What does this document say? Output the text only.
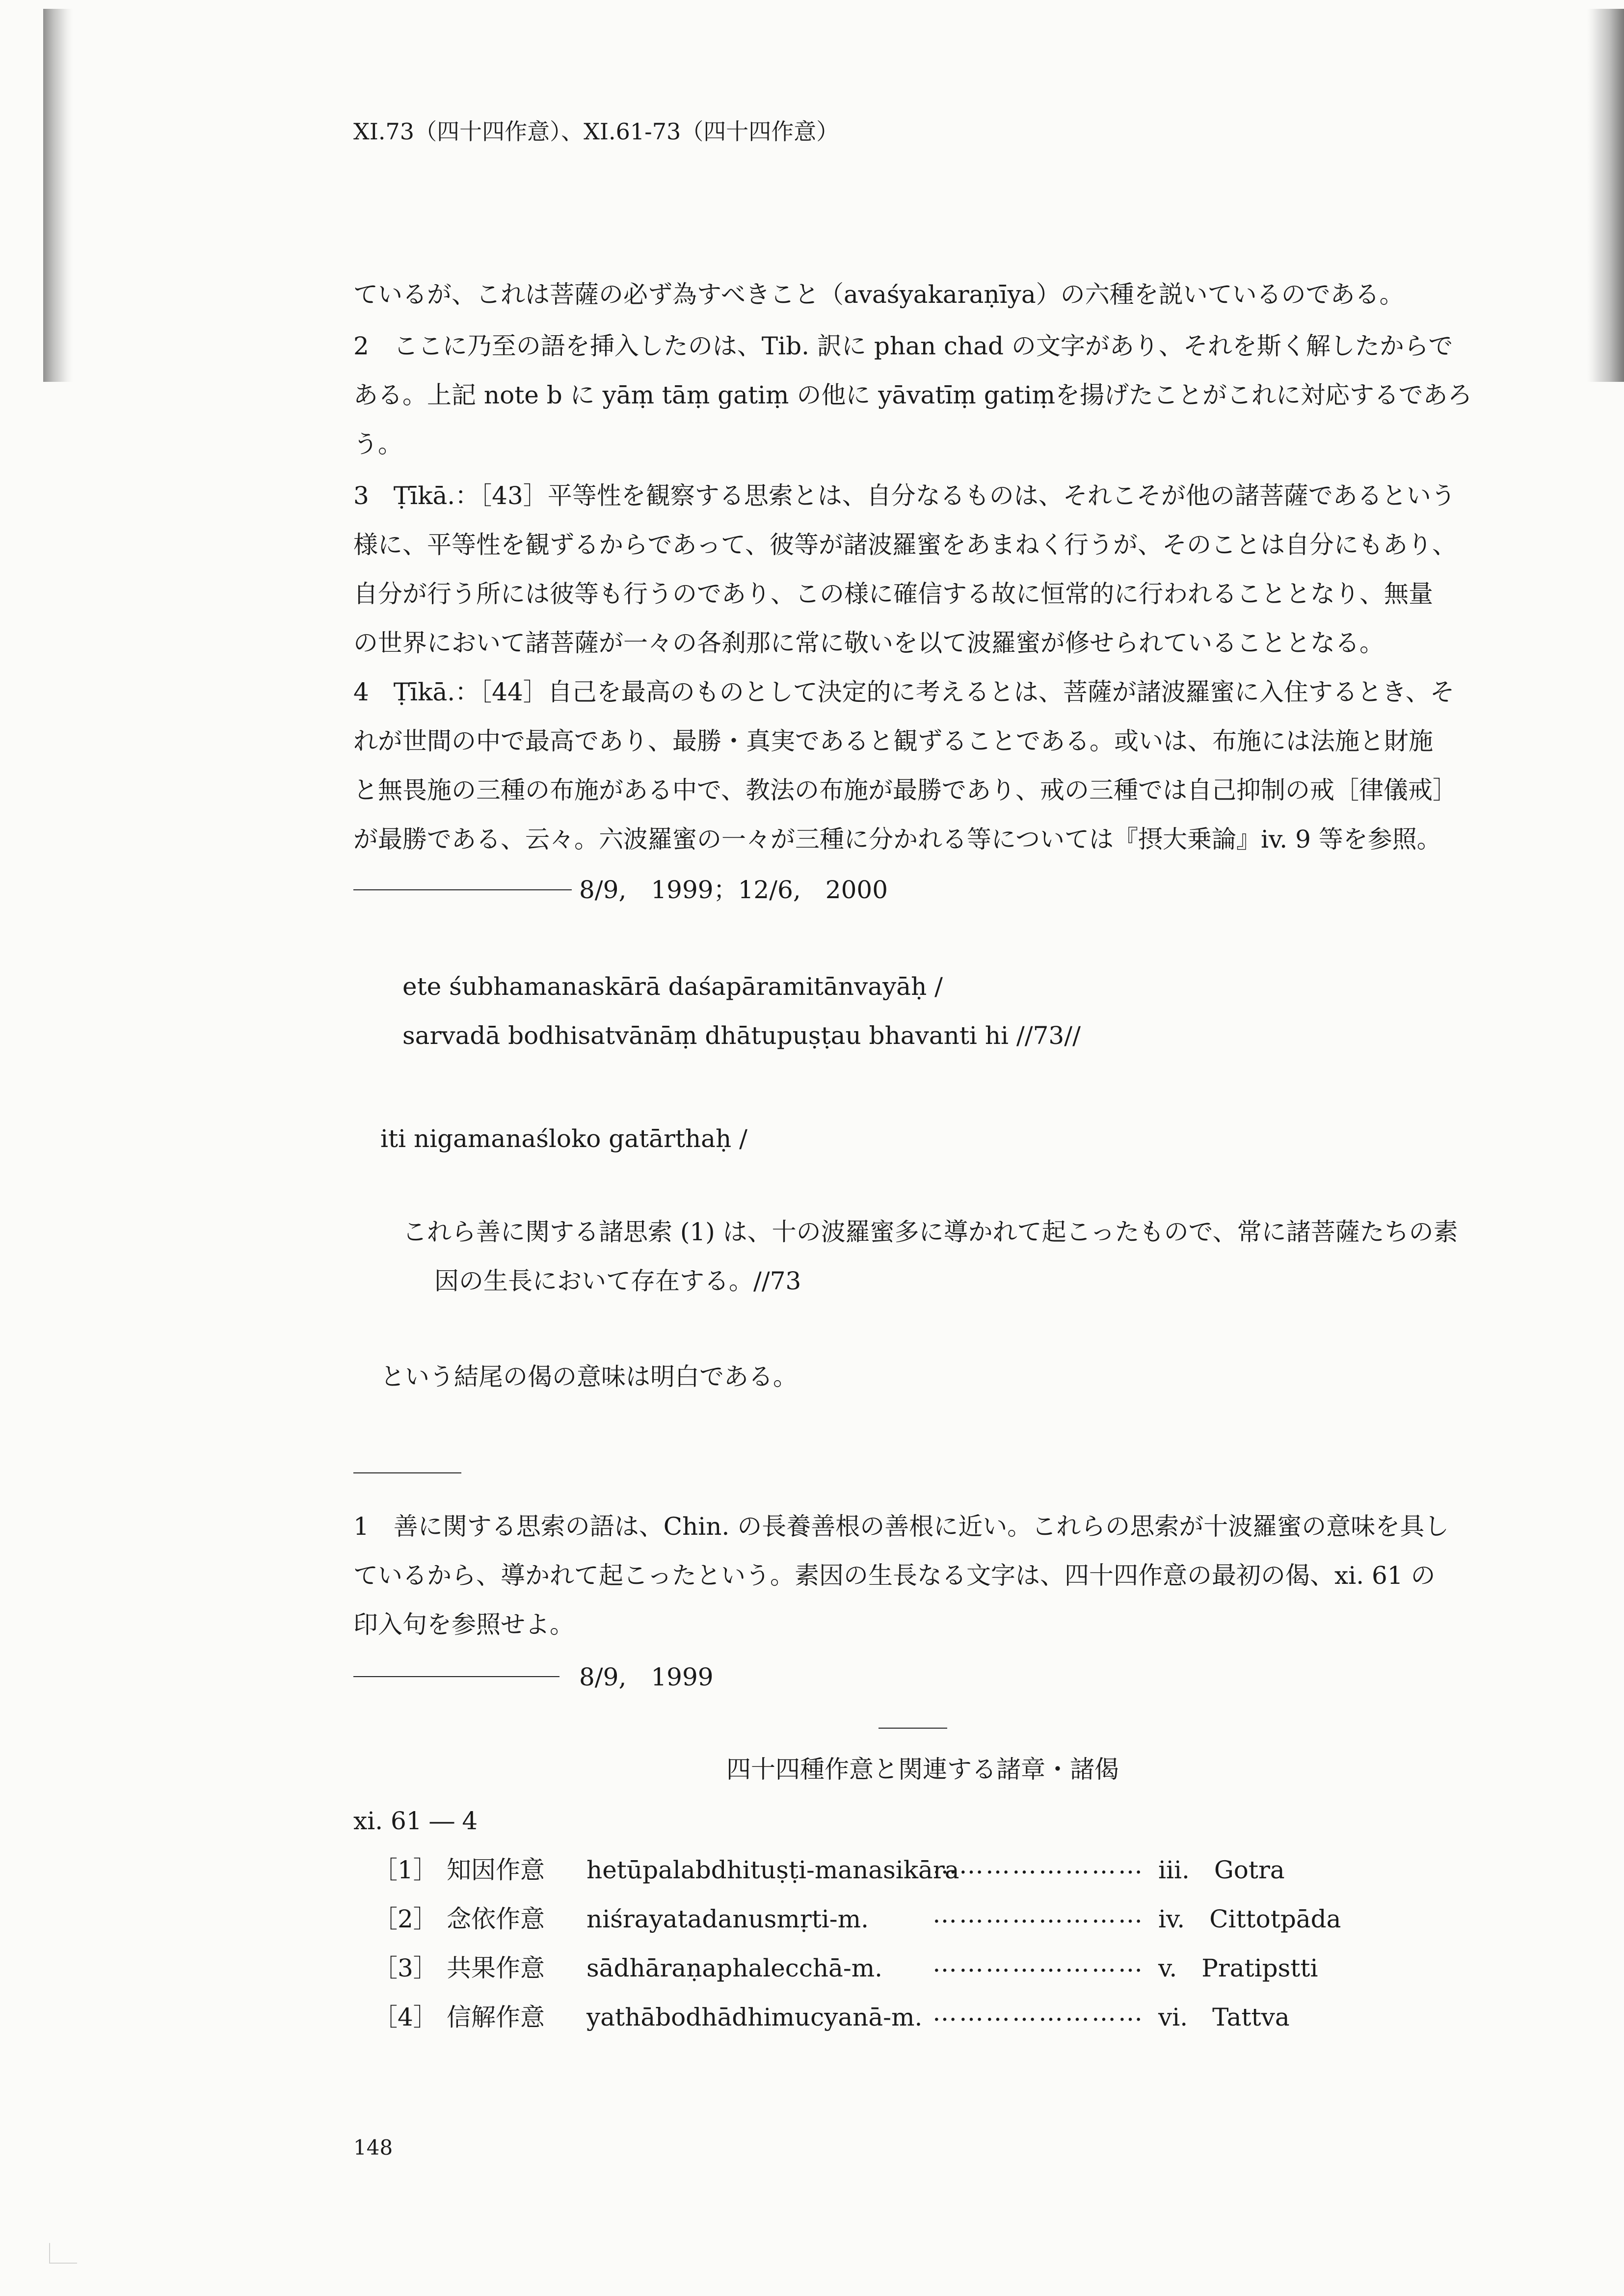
XI.73（四十四作意）、XI.61-73（四十四作意）
ているが、これは菩薩の必ず為すべきこと（avaśyakaraṇīya）の六種を説いているのである。
2　ここに乃至の語を挿入したのは、Tib. 訳に phan chad の文字があり、それを斯く解したからで
ある。上記 note b に yāṃ tāṃ gatiṃ の他に yāvatīṃ gatiṃを揚げたことがこれに対応するであろ
う。
3　Ṭīkā.：［43］平等性を観察する思索とは、自分なるものは、それこそが他の諸菩薩であるという
様に、平等性を観ずるからであって、彼等が諸波羅蜜をあまねく行うが、そのことは自分にもあり、
自分が行う所には彼等も行うのであり、この様に確信する故に恒常的に行われることとなり、無量
の世界において諸菩薩が一々の各刹那に常に敬いを以て波羅蜜が修せられていることとなる。
4　Ṭīkā.：［44］自己を最高のものとして決定的に考えるとは、菩薩が諸波羅蜜に入住するとき、そ
れが世間の中で最高であり、最勝・真実であると観ずることである。或いは、布施には法施と財施
と無畏施の三種の布施がある中で、教法の布施が最勝であり、戒の三種では自己抑制の戒［律儀戒］
が最勝である、云々。六波羅蜜の一々が三種に分かれる等については『摂大乗論』iv. 9 等を参照。
8/9,　1999；12/6,　2000
ete śubhamanaskārā daśapāramitānvayāḥ /
sarvadā bodhisatvānāṃ dhātupuṣṭau bhavanti hi //73//
iti nigamanaśloko gatārthaḥ /
これら善に関する諸思索 (1) は、十の波羅蜜多に導かれて起こったもので、常に諸菩薩たちの素
因の生長において存在する。//73
という結尾の偈の意味は明白である。
1　善に関する思索の語は、Chin. の長養善根の善根に近い。これらの思索が十波羅蜜の意味を具し
ているから、導かれて起こったという。素因の生長なる文字は、四十四作意の最初の偈、xi. 61 の
印入句を参照せよ。
8/9,　1999
四十四種作意と関連する諸章・諸偈
xi. 61 ― 4
［1］ 知因作意 hetūpalabdhituṣṭi-manasikāra
…………………… iii.　Gotra
［2］ 念依作意 niśrayatadanusmṛti-m.	…………………… iv.　Cittotpāda
［3］ 共果作意 sādhāraṇaphalecchā-m. …………………… v.　Pratipstti
［4］ 信解作意 yathābodhādhimucyanā-m. …………………… vi.　Tattva
148
